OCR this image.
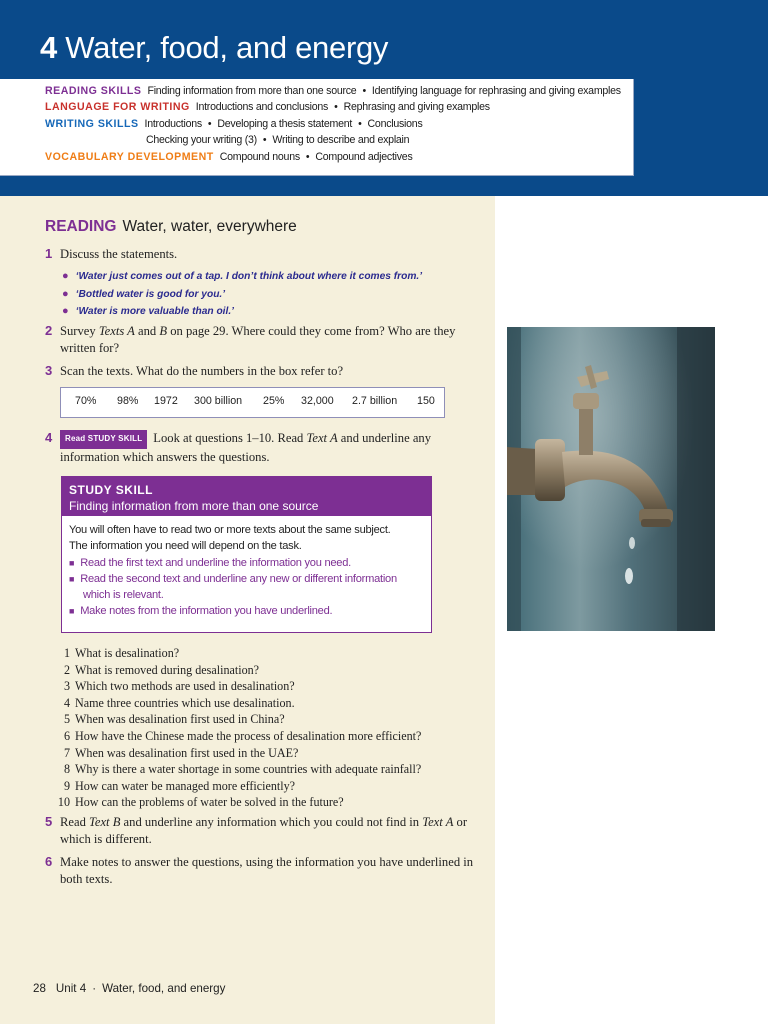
4 Water, food, and energy
READING SKILLS Finding information from more than one source • Identifying language for rephrasing and giving examples
LANGUAGE FOR WRITING Introductions and conclusions • Rephrasing and giving examples
WRITING SKILLS Introductions • Developing a thesis statement • Conclusions
Checking your writing (3) • Writing to describe and explain
VOCABULARY DEVELOPMENT Compound nouns • Compound adjectives
READING Water, water, everywhere
1 Discuss the statements.
● ‘Water just comes out of a tap. I don’t think about where it comes from.’
● ‘Bottled water is good for you.’
● ‘Water is more valuable than oil.’
2 Survey Texts A and B on page 29. Where could they come from? Who are they written for?
3 Scan the texts. What do the numbers in the box refer to?
70% 98% 1972 300 billion 25% 32,000 2.7 billion 150
4	Read STUDY SKILL Look at questions 1–10. Read Text A and underline any information which answers the questions.
STUDY SKILL
Finding information from more than one source
You will often have to read two or more texts about the same subject.
The information you need will depend on the task.
■ Read the first text and underline the information you need.
■ Read the second text and underline any new or different information
which is relevant.
■ Make notes from the information you have underlined.
1 What is desalination?
2 What is removed during desalination?
3 Which two methods are used in desalination?
4 Name three countries which use desalination.
5 When was desalination first used in China?
6 How have the Chinese made the process of desalination more efficient?
7 When was desalination first used in the UAE?
8 Why is there a water shortage in some countries with adequate rainfall?
9 How can water be managed more efficiently?
10 How can the problems of water be solved in the future?
5 Read Text B and underline any information which you could not find in Text A or which is different.
6 Make notes to answer the questions, using the information you have underlined in both texts.
28 Unit 4 · Water, food, and energy
